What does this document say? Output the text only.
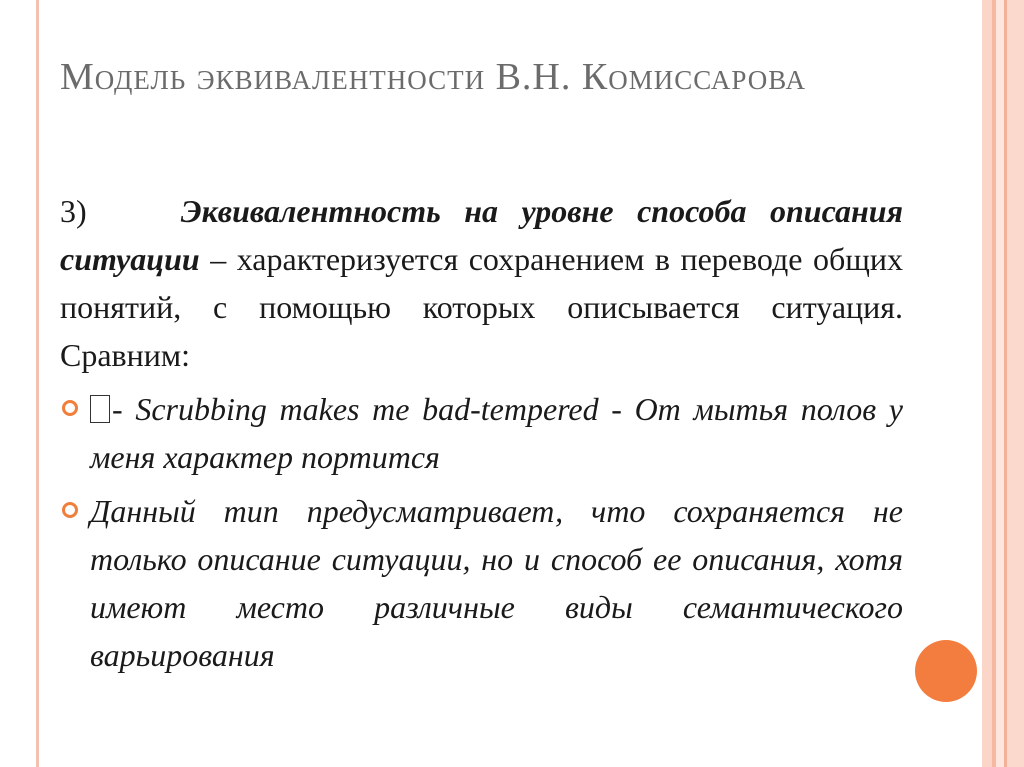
Модель эквивалентности В.Н. Комиссарова
3)	Эквивалентность на уровне способа описания ситуации – характеризуется сохранением в переводе общих понятий, с помощью которых описывается ситуация. Сравним:
- Scrubbing makes me bad-tempered - От мытья полов у меня характер портится
Данный тип предусматривает, что сохраняется не только описание ситуации, но и способ ее описания, хотя имеют место различные виды семантического варьирования
